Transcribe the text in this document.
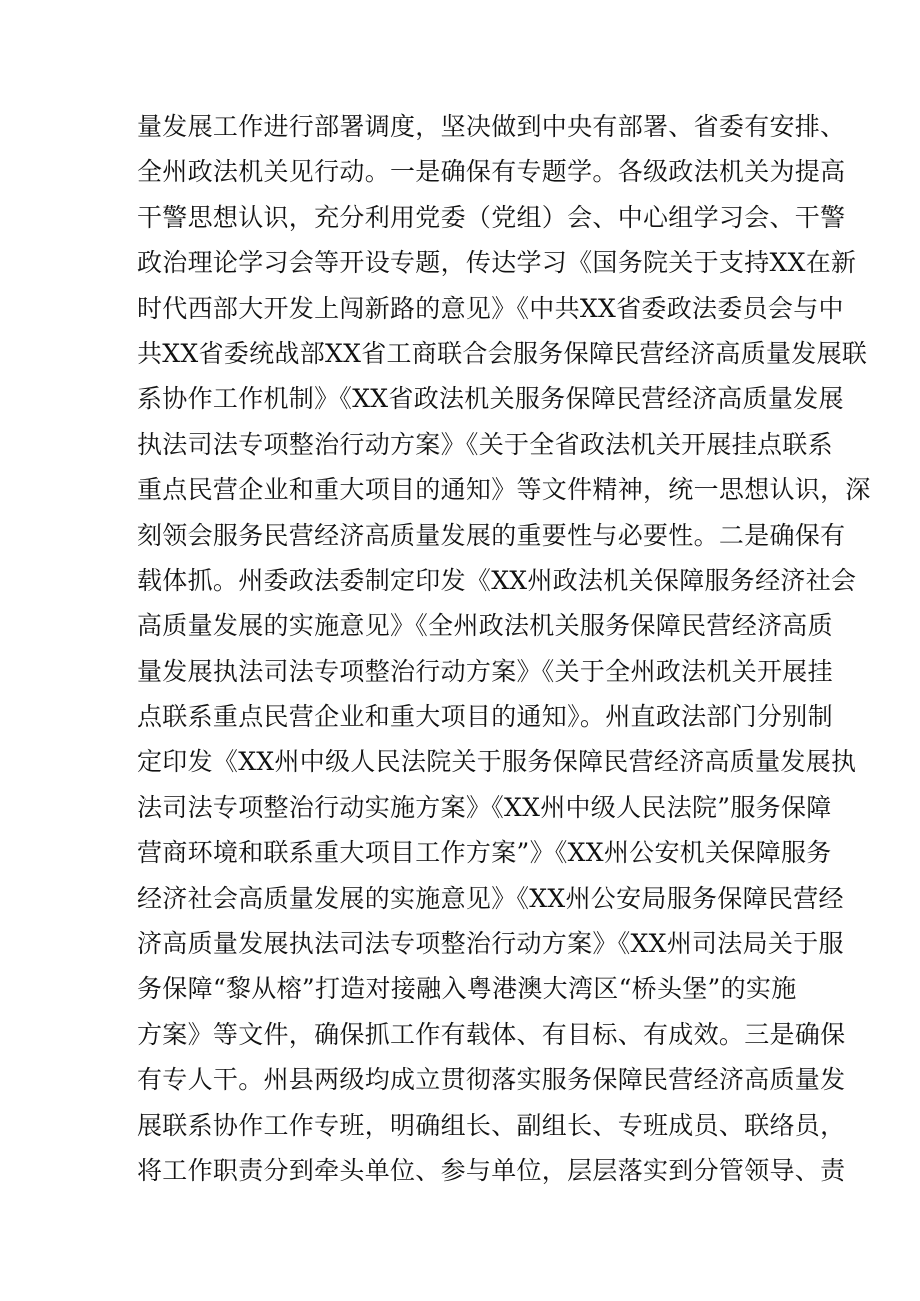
量发展工作进行部署调度，坚决做到中央有部署、省委有安排、
全州政法机关见行动。一是确保有专题学。各级政法机关为提高
干警思想认识，充分利用党委（党组）会、中心组学习会、干警
政治理论学习会等开设专题，传达学习《国务院关于支持XX在新
时代西部大开发上闯新路的意见》《中共XX省委政法委员会与中
共XX省委统战部XX省工商联合会服务保障民营经济高质量发展联
系协作工作机制》《XX省政法机关服务保障民营经济高质量发展
执法司法专项整治行动方案》《关于全省政法机关开展挂点联系
重点民营企业和重大项目的通知》等文件精神，统一思想认识，深
刻领会服务民营经济高质量发展的重要性与必要性。二是确保有
载体抓。州委政法委制定印发《XX州政法机关保障服务经济社会
高质量发展的实施意见》《全州政法机关服务保障民营经济高质
量发展执法司法专项整治行动方案》《关于全州政法机关开展挂
点联系重点民营企业和重大项目的通知》。州直政法部门分别制
定印发《XX州中级人民法院关于服务保障民营经济高质量发展执
法司法专项整治行动实施方案》《XX州中级人民法院”服务保障
营商环境和联系重大项目工作方案”》《XX州公安机关保障服务
经济社会高质量发展的实施意见》《XX州公安局服务保障民营经
济高质量发展执法司法专项整治行动方案》《XX州司法局关于服
务保障“黎从榕”打造对接融入粤港澳大湾区“桥头堡”的实施
方案》等文件，确保抓工作有载体、有目标、有成效。三是确保
有专人干。州县两级均成立贯彻落实服务保障民营经济高质量发
展联系协作工作专班，明确组长、副组长、专班成员、联络员，
将工作职责分到牵头单位、参与单位，层层落实到分管领导、责
